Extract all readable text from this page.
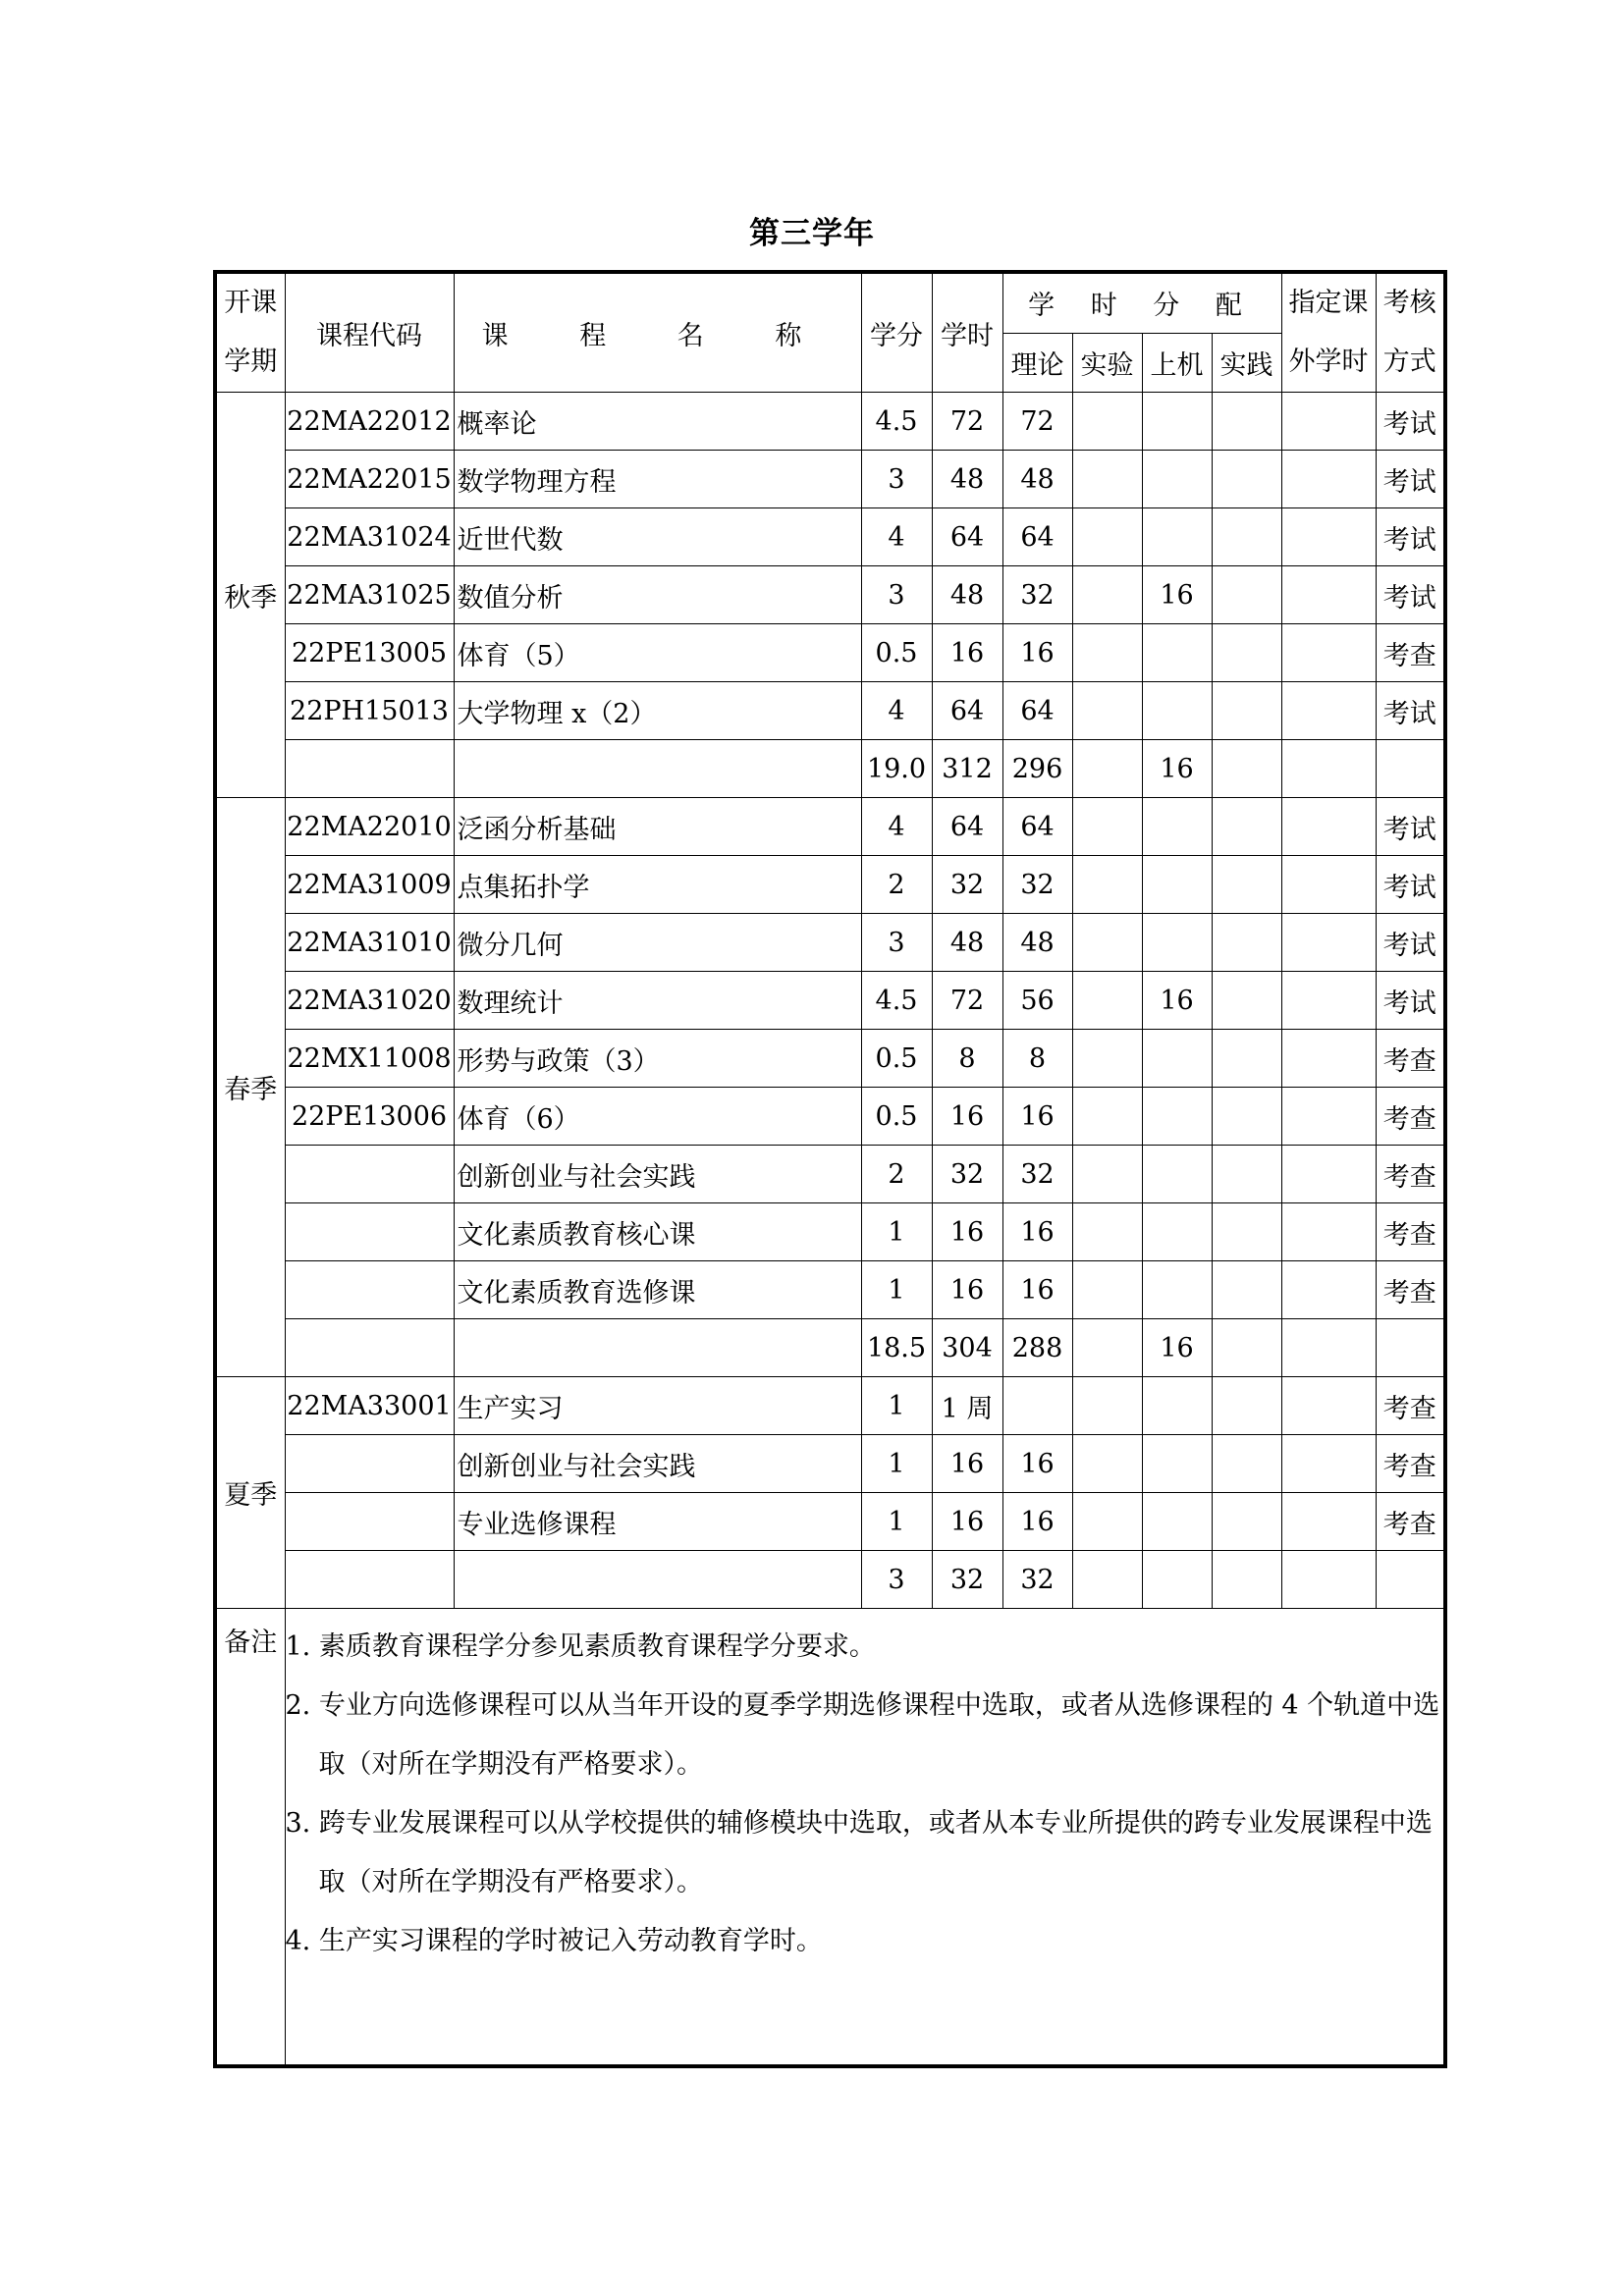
第三学年
开课学期	课程代码	课 程 名 称	学分	学时	学 时 分 配				指定课外学时	考核方式
					理论	实验	上机	实践		
秋季	22MA22012	概率论	4.5	72	72					考试
	22MA22015	数学物理方程	3	48	48					考试
	22MA31024	近世代数	4	64	64					考试
	22MA31025	数值分析	3	48	32		16			考试
	22PE13005	体育（5）	0.5	16	16					考查
	22PH15013	大学物理 x（2）	4	64	64					考试
			19.0	312	296		16			
春季	22MA22010	泛函分析基础	4	64	64					考试
	22MA31009	点集拓扑学	2	32	32					考试
	22MA31010	微分几何	3	48	48					考试
	22MA31020	数理统计	4.5	72	56		16			考试
	22MX11008	形势与政策（3）	0.5	8	8					考查
	22PE13006	体育（6）	0.5	16	16					考查
		创新创业与社会实践	2	32	32					考查
		文化素质教育核心课	1	16	16					考查
		文化素质教育选修课	1	16	16					考查
			18.5	304	288		16			
夏季	22MA33001	生产实习	1	1 周						考查
		创新创业与社会实践	1	16	16					考查
		专业选修课程	1	16	16					考查
			3	32	32					
备注	1. 素质教育课程学分参见素质教育课程学分要求。
2. 专业方向选修课程可以从当年开设的夏季学期选修课程中选取，或者从选修课程的 4 个轨道中选取（对所在学期没有严格要求）。
3. 跨专业发展课程可以从学校提供的辅修模块中选取，或者从本专业所提供的跨专业发展课程中选取（对所在学期没有严格要求）。
4. 生产实习课程的学时被记入劳动教育学时。									
